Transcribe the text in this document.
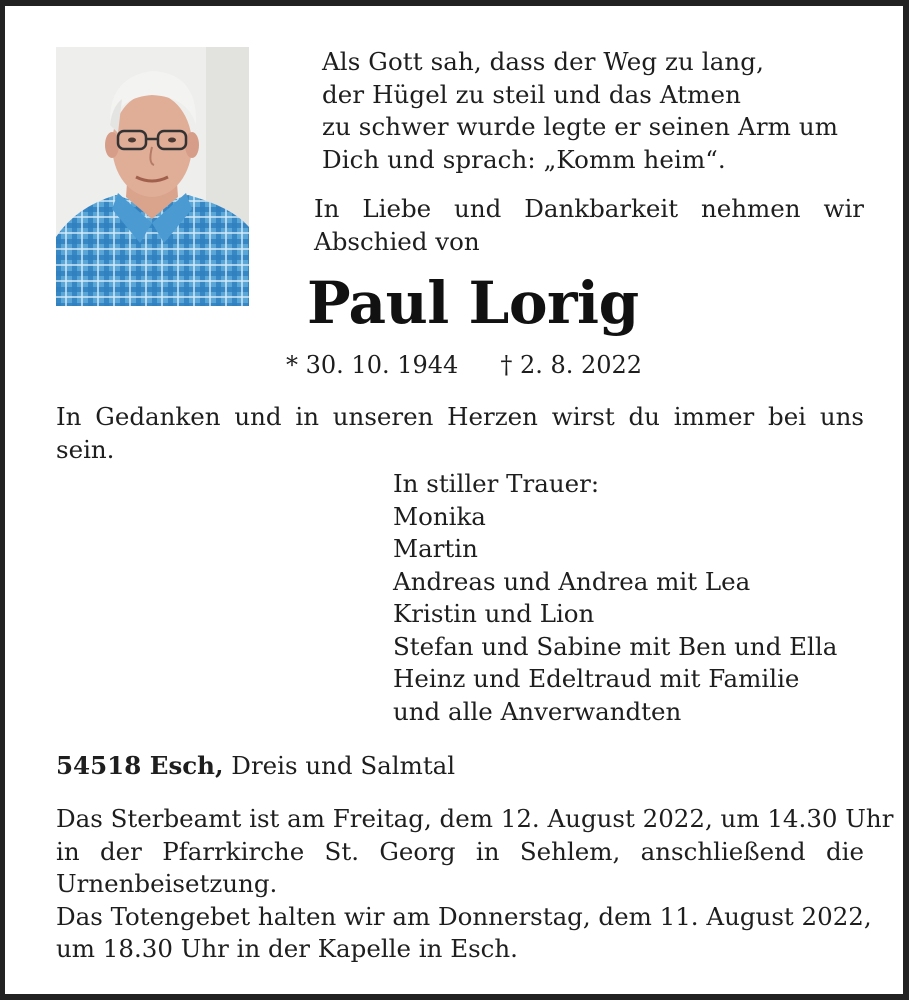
Als Gott sah, dass der Weg zu lang,
der Hügel zu steil und das Atmen
zu schwer wurde legte er seinen Arm um
Dich und sprach: „Komm heim“.
In Liebe und Dankbarkeit nehmen wir
Abschied von
Paul Lorig
* 30. 10. 1944 † 2. 8. 2022
In Gedanken und in unseren Herzen wirst du immer bei uns
sein.
In stiller Trauer:
Monika
Martin
Andreas und Andrea mit Lea
Kristin und Lion
Stefan und Sabine mit Ben und Ella
Heinz und Edeltraud mit Familie
und alle Anverwandten
54518 Esch, Dreis und Salmtal
Das Sterbeamt ist am Freitag, dem 12. August 2022, um 14.30 Uhr
in der Pfarrkirche St. Georg in Sehlem, anschließend die
Urnenbeisetzung.
Das Totengebet halten wir am Donnerstag, dem 11. August 2022,
um 18.30 Uhr in der Kapelle in Esch.
